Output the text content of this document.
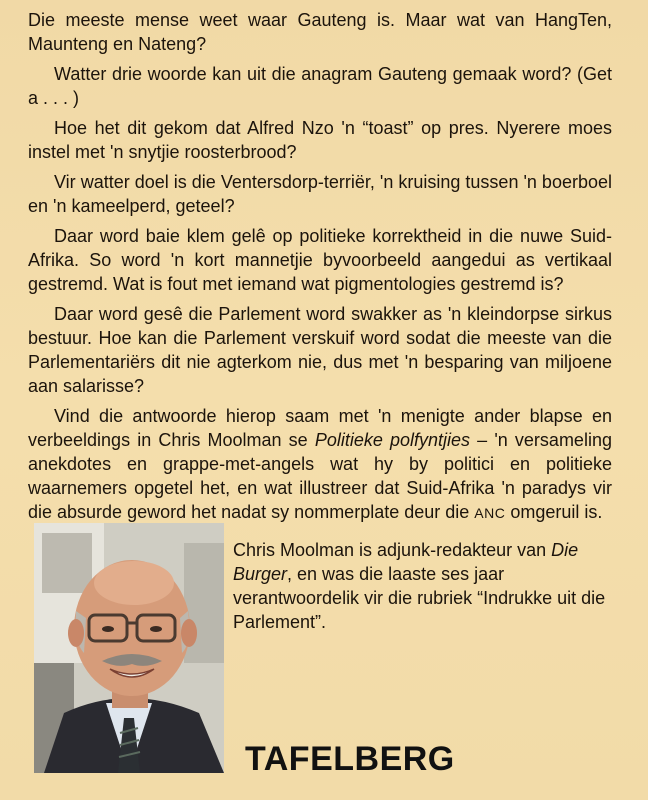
Die meeste mense weet waar Gauteng is. Maar wat van HangTen, Maunteng en Nateng?

Watter drie woorde kan uit die anagram Gauteng gemaak word? (Get a . . . )

Hoe het dit gekom dat Alfred Nzo 'n “toast” op pres. Nyerere moes instel met 'n snytjie roosterbrood?

Vir watter doel is die Ventersdorp-terriër, 'n kruising tussen 'n boerboel en 'n kameelperd, geteel?

Daar word baie klem gelê op politieke korrektheid in die nuwe Suid-Afrika. So word 'n kort mannetjie byvoorbeeld aangedui as vertikaal gestremd. Wat is fout met iemand wat pigmentologies gestremd is?

Daar word gesê die Parlement word swakker as 'n kleindorpse sirkus bestuur. Hoe kan die Parlement verskuif word sodat die meeste van die Parlementariërs dit nie agterkom nie, dus met 'n besparing van miljoene aan salarisse?

Vind die antwoorde hierop saam met 'n menigte ander blapse en verbeeldings in Chris Moolman se Politieke polfyntjies – 'n versameling anekdotes en grappe-met-angels wat hy by politici en politieke waarnemers opgetel het, en wat illustreer dat Suid-Afrika 'n paradys vir die absurde geword het nadat sy nommerplate deur die ANC omgeruil is.

Chris Moolman is adjunk-redakteur van Die Burger, en was die laaste ses jaar verantwoordelik vir die rubriek “Indrukke uit die Parlement”.

TAFELBERG
